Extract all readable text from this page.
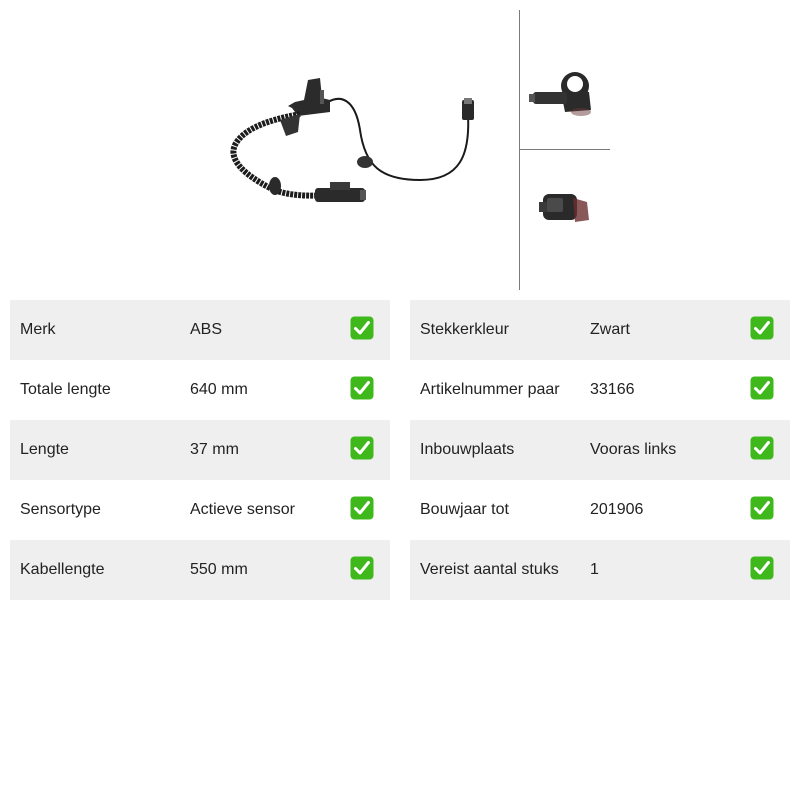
Merk	ABS
Totale lengte	640 mm
Lengte	37 mm
Sensortype	Actieve sensor
Kabellengte	550 mm
Stekkerkleur	Zwart
Artikelnummer paar 33166
Inbouwplaats	Vooras links
Bouwjaar tot	201906
Vereist aantal stuks 1
